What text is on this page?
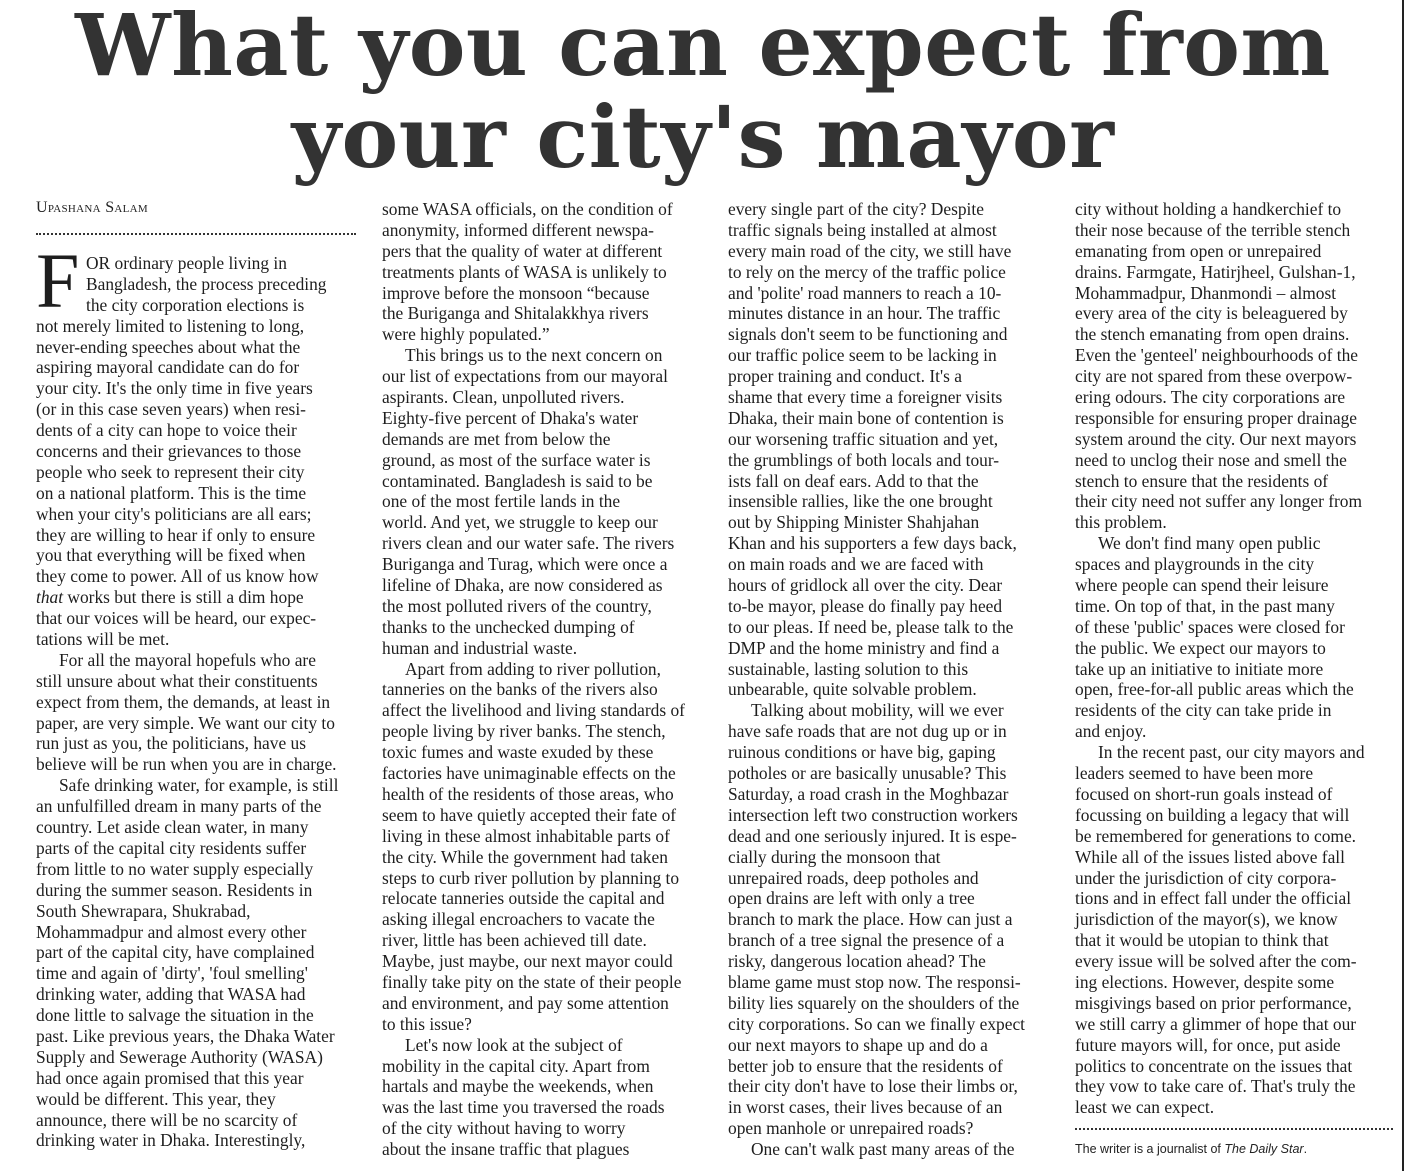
What you can expect from
your city's mayor
Upashana Salam
F OR ordinary people living in
Bangladesh, the process preceding
the city corporation elections is
not merely limited to listening to long,
never-ending speeches about what the
aspiring mayoral candidate can do for
your city. It's the only time in five years
(or in this case seven years) when resi-
dents of a city can hope to voice their
concerns and their grievances to those
people who seek to represent their city
on a national platform. This is the time
when your city's politicians are all ears;
they are willing to hear if only to ensure
you that everything will be fixed when
they come to power. All of us know how
that works but there is still a dim hope
that our voices will be heard, our expec-
tations will be met.
For all the mayoral hopefuls who are
still unsure about what their constituents
expect from them, the demands, at least in
paper, are very simple. We want our city to
run just as you, the politicians, have us
believe will be run when you are in charge.
Safe drinking water, for example, is still
an unfulfilled dream in many parts of the
country. Let aside clean water, in many
parts of the capital city residents suffer
from little to no water supply especially
during the summer season. Residents in
South Shewrapara, Shukrabad,
Mohammadpur and almost every other
part of the capital city, have complained
time and again of 'dirty', 'foul smelling'
drinking water, adding that WASA had
done little to salvage the situation in the
past. Like previous years, the Dhaka Water
Supply and Sewerage Authority (WASA)
had once again promised that this year
would be different. This year, they
announce, there will be no scarcity of
drinking water in Dhaka. Interestingly,
some WASA officials, on the condition of
anonymity, informed different newspa-
pers that the quality of water at different
treatments plants of WASA is unlikely to
improve before the monsoon “because
the Buriganga and Shitalakkhya rivers
were highly populated.”
This brings us to the next concern on
our list of expectations from our mayoral
aspirants. Clean, unpolluted rivers.
Eighty-five percent of Dhaka's water
demands are met from below the
ground, as most of the surface water is
contaminated. Bangladesh is said to be
one of the most fertile lands in the
world. And yet, we struggle to keep our
rivers clean and our water safe. The rivers
Buriganga and Turag, which were once a
lifeline of Dhaka, are now considered as
the most polluted rivers of the country,
thanks to the unchecked dumping of
human and industrial waste.
Apart from adding to river pollution,
tanneries on the banks of the rivers also
affect the livelihood and living standards of
people living by river banks. The stench,
toxic fumes and waste exuded by these
factories have unimaginable effects on the
health of the residents of those areas, who
seem to have quietly accepted their fate of
living in these almost inhabitable parts of
the city. While the government had taken
steps to curb river pollution by planning to
relocate tanneries outside the capital and
asking illegal encroachers to vacate the
river, little has been achieved till date.
Maybe, just maybe, our next mayor could
finally take pity on the state of their people
and environment, and pay some attention
to this issue?
Let's now look at the subject of
mobility in the capital city. Apart from
hartals and maybe the weekends, when
was the last time you traversed the roads
of the city without having to worry
about the insane traffic that plagues
every single part of the city? Despite
traffic signals being installed at almost
every main road of the city, we still have
to rely on the mercy of the traffic police
and 'polite' road manners to reach a 10-
minutes distance in an hour. The traffic
signals don't seem to be functioning and
our traffic police seem to be lacking in
proper training and conduct. It's a
shame that every time a foreigner visits
Dhaka, their main bone of contention is
our worsening traffic situation and yet,
the grumblings of both locals and tour-
ists fall on deaf ears. Add to that the
insensible rallies, like the one brought
out by Shipping Minister Shahjahan
Khan and his supporters a few days back,
on main roads and we are faced with
hours of gridlock all over the city. Dear
to-be mayor, please do finally pay heed
to our pleas. If need be, please talk to the
DMP and the home ministry and find a
sustainable, lasting solution to this
unbearable, quite solvable problem.
Talking about mobility, will we ever
have safe roads that are not dug up or in
ruinous conditions or have big, gaping
potholes or are basically unusable? This
Saturday, a road crash in the Moghbazar
intersection left two construction workers
dead and one seriously injured. It is espe-
cially during the monsoon that
unrepaired roads, deep potholes and
open drains are left with only a tree
branch to mark the place. How can just a
branch of a tree signal the presence of a
risky, dangerous location ahead? The
blame game must stop now. The responsi-
bility lies squarely on the shoulders of the
city corporations. So can we finally expect
our next mayors to shape up and do a
better job to ensure that the residents of
their city don't have to lose their limbs or,
in worst cases, their lives because of an
open manhole or unrepaired roads?
One can't walk past many areas of the
city without holding a handkerchief to
their nose because of the terrible stench
emanating from open or unrepaired
drains. Farmgate, Hatirjheel, Gulshan-1,
Mohammadpur, Dhanmondi – almost
every area of the city is beleaguered by
the stench emanating from open drains.
Even the 'genteel' neighbourhoods of the
city are not spared from these overpow-
ering odours. The city corporations are
responsible for ensuring proper drainage
system around the city. Our next mayors
need to unclog their nose and smell the
stench to ensure that the residents of
their city need not suffer any longer from
this problem.
We don't find many open public
spaces and playgrounds in the city
where people can spend their leisure
time. On top of that, in the past many
of these 'public' spaces were closed for
the public. We expect our mayors to
take up an initiative to initiate more
open, free-for-all public areas which the
residents of the city can take pride in
and enjoy.
In the recent past, our city mayors and
leaders seemed to have been more
focused on short-run goals instead of
focussing on building a legacy that will
be remembered for generations to come.
While all of the issues listed above fall
under the jurisdiction of city corpora-
tions and in effect fall under the official
jurisdiction of the mayor(s), we know
that it would be utopian to think that
every issue will be solved after the com-
ing elections. However, despite some
misgivings based on prior performance,
we still carry a glimmer of hope that our
future mayors will, for once, put aside
politics to concentrate on the issues that
they vow to take care of. That's truly the
least we can expect.
The writer is a journalist of The Daily Star.
